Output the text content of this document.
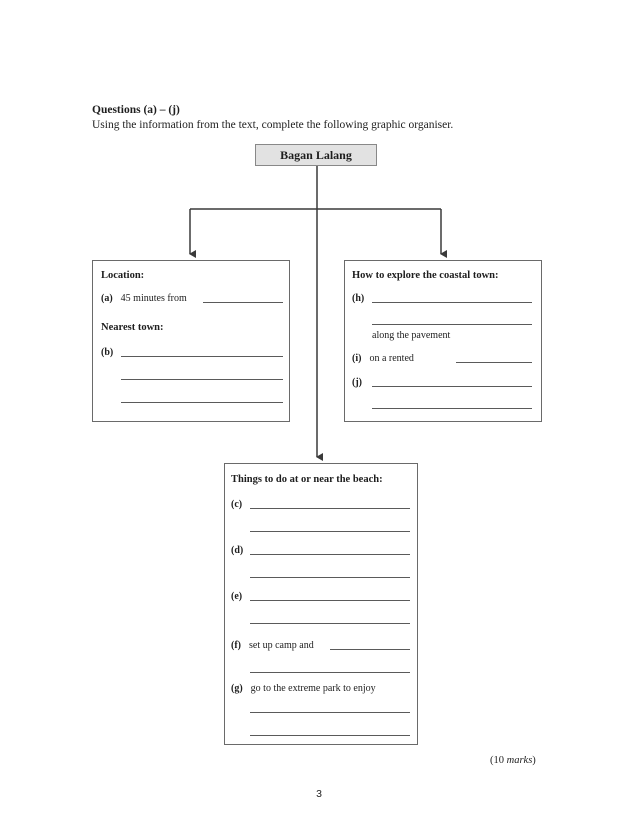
Questions (a) – (j)
Using the information from the text, complete the following graphic organiser.
Bagan Lalang
Location:
(a) 45 minutes from
Nearest town:
(b)
How to explore the coastal town:
(h)
along the pavement
(i) on a rented
(j)
Things to do at or near the beach:
(c)
(d)
(e)
(f) set up camp and
(g) go to the extreme park to enjoy
(10 marks)
3
